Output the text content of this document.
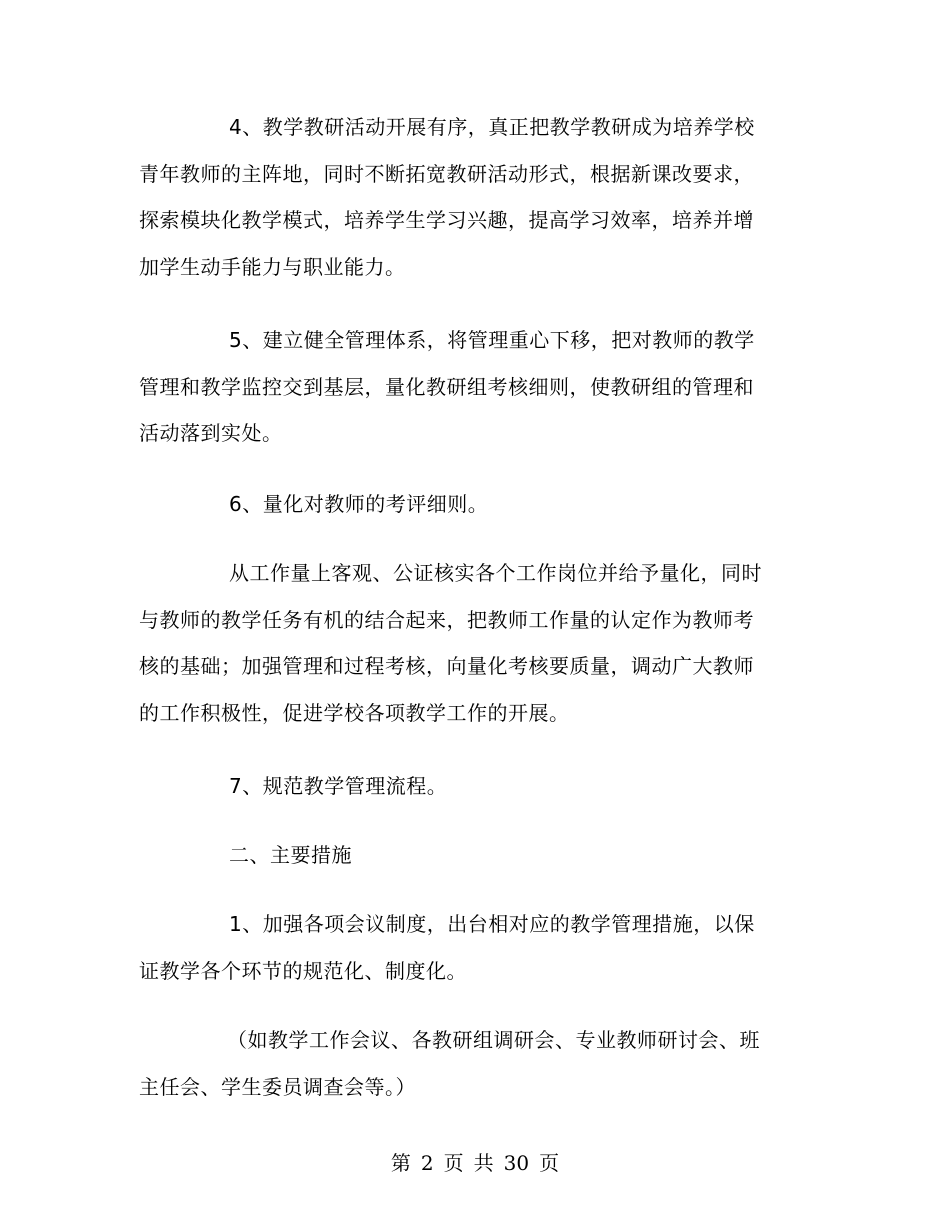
4、教学教研活动开展有序，真正把教学教研成为培养学校青年教师的主阵地，同时不断拓宽教研活动形式，根据新课改要求，探索模块化教学模式，培养学生学习兴趣，提高学习效率，培养并增加学生动手能力与职业能力。

5、建立健全管理体系，将管理重心下移，把对教师的教学管理和教学监控交到基层，量化教研组考核细则，使教研组的管理和活动落到实处。

6、量化对教师的考评细则。

从工作量上客观、公证核实各个工作岗位并给予量化，同时与教师的教学任务有机的结合起来，把教师工作量的认定作为教师考核的基础；加强管理和过程考核，向量化考核要质量，调动广大教师的工作积极性，促进学校各项教学工作的开展。

7、规范教学管理流程。

二、主要措施

1、加强各项会议制度，出台相对应的教学管理措施，以保证教学各个环节的规范化、制度化。

（如教学工作会议、各教研组调研会、专业教师研讨会、班主任会、学生委员调查会等。）

第 2 页 共 30 页
